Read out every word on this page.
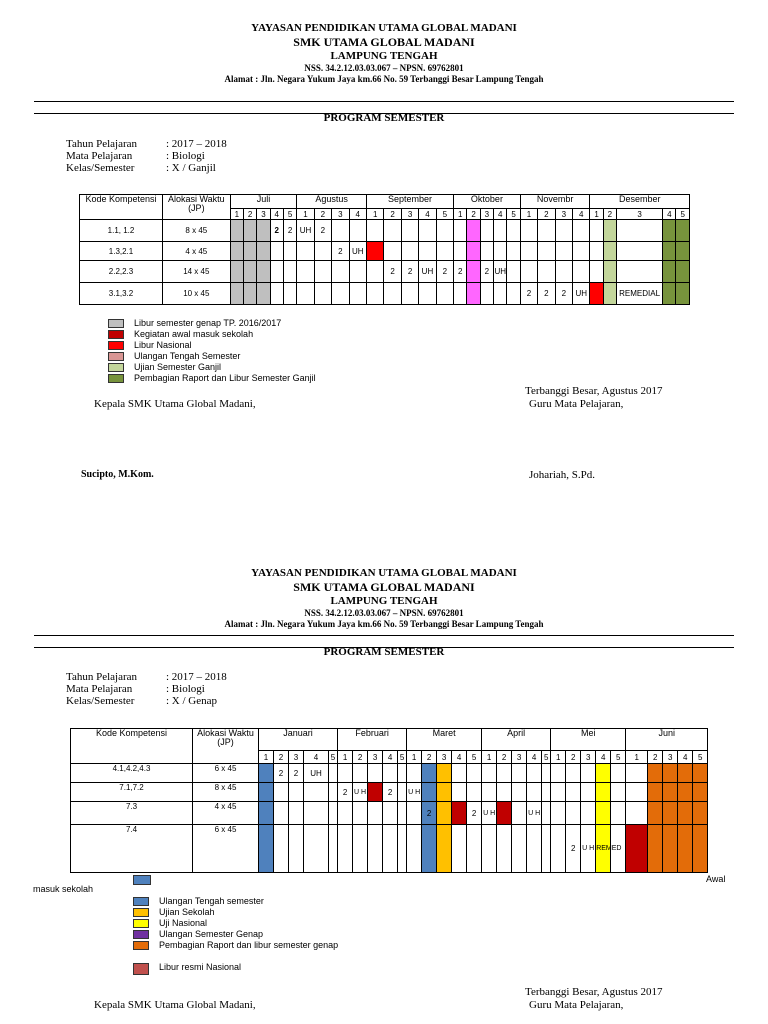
YAYASAN PENDIDIKAN UTAMA GLOBAL MADANI
SMK UTAMA GLOBAL MADANI
LAMPUNG TENGAH
NSS. 34.2.12.03.03.067 – NPSN. 69762801
Alamat : Jln. Negara Yukum Jaya km.66 No. 59 Terbanggi Besar Lampung Tengah
PROGRAM SEMESTER
Tahun Pelajaran	: 2017 – 2018
Mata Pelajaran	: Biologi
Kelas/Semester	: X / Ganjil
Kode Kompetensi	Alokasi Waktu (JP)	Juli					Agustus				September					Oktober					Novembr				Desember				
		1	2	3	4	5	1	2	3	4	1	2	3	4	5	1	2	3	4	5	1	2	3	4	1	2	3	4	5
1.1, 1.2	8 x 45				2	2	UH	2																					
1.3,2.1	4 x 45								2	UH																			
2.2,2.3	14 x 45											2	2	UH	2	2		2	UH										
3.1,3.2	10 x 45																				2	2	2	UH			REMEDIAL		
Libur semester genap TP. 2016/2017
Kegiatan awal masuk sekolah
Libur Nasional
Ulangan Tengah Semester
Ujian Semester Ganjil
Pembagian Raport dan Libur Semester Ganjil
Terbanggi Besar, Agustus 2017
Kepala SMK Utama Global Madani,	Guru Mata Pelajaran,
Sucipto, M.Kom.	Johariah, S.Pd.
YAYASAN PENDIDIKAN UTAMA GLOBAL MADANI
SMK UTAMA GLOBAL MADANI
LAMPUNG TENGAH
NSS. 34.2.12.03.03.067 – NPSN. 69762801
Alamat : Jln. Negara Yukum Jaya km.66 No. 59 Terbanggi Besar Lampung Tengah
PROGRAM SEMESTER
Tahun Pelajaran	: 2017 – 2018
Mata Pelajaran	: Biologi
Kelas/Semester	: X / Genap
Kode Kompetensi	Alokasi Waktu (JP)	Januari					Februari					Maret					April					Mei					Juni				
		1	2	3	4	5	1	2	3	4	5	1	2	3	4	5	1	2	3	4	5	1	2	3	4	5	1	2	3	4	5
4.1,4.2,4.3	6 x 45		2	2	UH																										
7.1,7.2	8 x 45						2	U H		2		U H																			
7.3	4 x 45												2			2	U H			U H											
7.4	6 x 45																						2	U H	REMED						
masuk sekolah
Awal
Ulangan Tengah semester
Ujian Sekolah
Uji Nasional
Ulangan Semester Genap
Pembagian Raport dan libur semester genap
Libur resmi Nasional
Terbanggi Besar, Agustus 2017
Kepala SMK Utama Global Madani,	Guru Mata Pelajaran,
